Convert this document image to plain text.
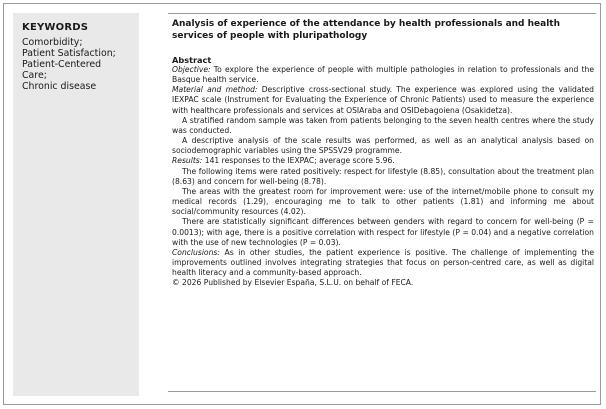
KEYWORDS
Comorbidity;
Patient Satisfaction;
Patient-Centered
Care;
Chronic disease
Analysis of experience of the attendance by health professionals and health services of people with pluripathology
Abstract

Objective: To explore the experience of people with multiple pathologies in relation to professionals and the Basque health service.

Material and method: Descriptive cross-sectional study. The experience was explored using the validated IEXPAC scale (Instrument for Evaluating the Experience of Chronic Patients) used to measure the experience with healthcare professionals and services at OSIAraba and OSIDebagoiena (Osakidetza).

A stratified random sample was taken from patients belonging to the seven health centres where the study was conducted.

A descriptive analysis of the scale results was performed, as well as an analytical analysis based on sociodemographic variables using the SPSSV29 programme.

Results: 141 responses to the IEXPAC; average score 5.96.

The following items were rated positively: respect for lifestyle (8.85), consultation about the treatment plan (8.63) and concern for well-being (8.78).

The areas with the greatest room for improvement were: use of the internet/mobile phone to consult my medical records (1.29), encouraging me to talk to other patients (1.81) and informing me about social/community resources (4.02).

There are statistically significant differences between genders with regard to concern for well-being (P = 0.0013); with age, there is a positive correlation with respect for lifestyle (P = 0.04) and a negative correlation with the use of new technologies (P = 0.03).

Conclusions: As in other studies, the patient experience is positive. The challenge of implementing the improvements outlined involves integrating strategies that focus on person-centred care, as well as digital health literacy and a community-based approach.

© 2026 Published by Elsevier España, S.L.U. on behalf of FECA.
